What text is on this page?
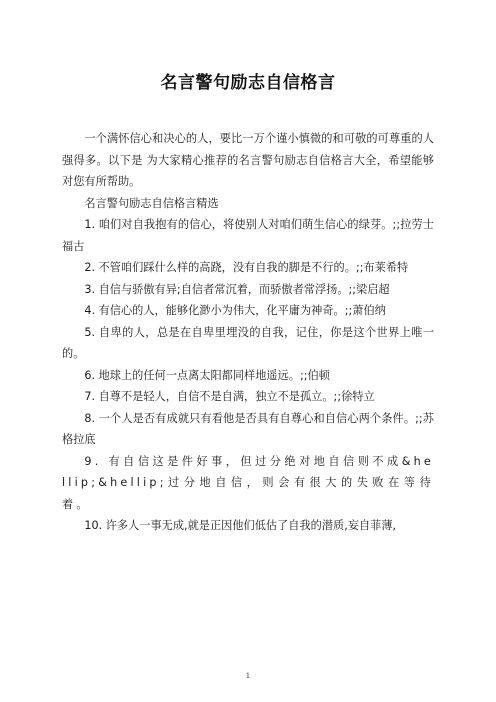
名言警句励志自信格言

一个满怀信心和决心的人，要比一万个谨小慎微的和可敬的可尊重的人强得多。以下是 为大家精心推荐的名言警句励志自信格言大全，希望能够对您有所帮助。

名言警句励志自信格言精选

1. 咱们对自我抱有的信心，将使别人对咱们萌生信心的绿芽。;;拉劳士福古

2. 不管咱们踩什么样的高跷，没有自我的脚是不行的。;;布莱希特

3. 自信与骄傲有异;自信者常沉着，而骄傲者常浮扬。;;梁启超

4. 有信心的人，能够化渺小为伟大，化平庸为神奇。;;萧伯纳

5. 自卑的人，总是在自卑里埋没的自我，记住，你是这个世界上唯一的。

6. 地球上的任何一点离太阳都同样地遥远。;;伯顿

7. 自尊不是轻人，自信不是自满，独立不是孤立。;;徐特立

8. 一个人是否有成就只有看他是否具有自尊心和自信心两个条件。;;苏格拉底

9. 有自信这是件好事，但过分绝对地自信则不成&hellip;&hellip;过分地自信，则会有很大的失败在等待着。

10. 许多人一事无成,就是正因他们低估了自我的潜质,妄自菲薄,

1
